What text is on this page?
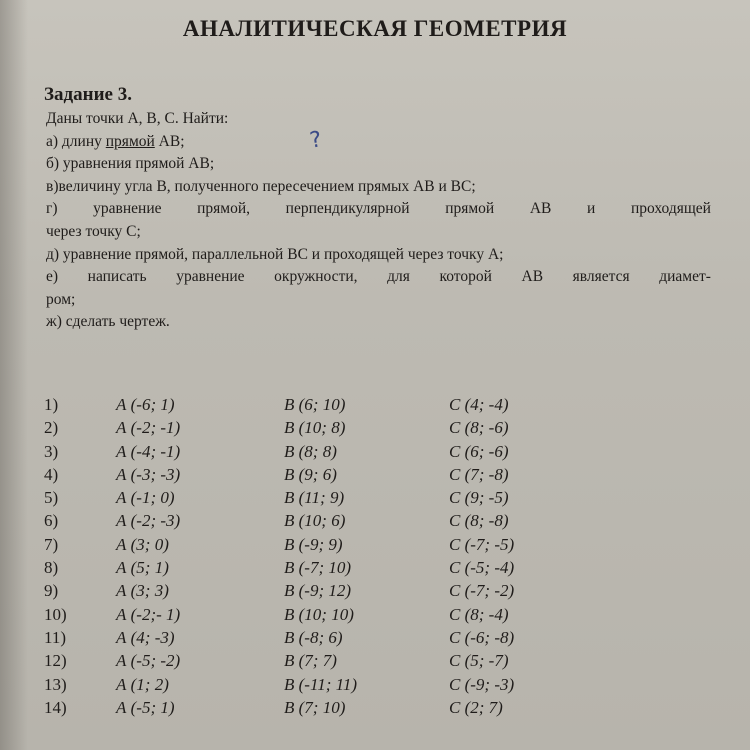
АНАЛИТИЧЕСКАЯ ГЕОМЕТРИЯ
Задание 3.
Даны точки А, В, С. Найти:
а) длину прямой АВ;
б) уравнения прямой АВ;
в)величину угла В, полученного пересечением прямых АВ и ВС;
г) уравнение прямой, перпендикулярной прямой АВ и проходящей
через точку С;
д) уравнение прямой, параллельной ВС и проходящей через точку А;
е) написать уравнение окружности, для которой АВ является диамет-
ром;
ж) сделать чертеж.
?
1)	А (-6; 1)	В (6; 10)	С (4; -4)
2)	А (-2; -1)	В (10; 8)	С (8; -6)
3)	А (-4; -1)	В (8; 8)	С (6; -6)
4)	А (-3; -3)	В (9; 6)	С (7; -8)
5)	А (-1; 0)	В (11; 9)	С (9; -5)
6)	А (-2; -3)	В (10; 6)	С (8; -8)
7)	А (3; 0)	В (-9; 9)	С (-7; -5)
8)	А (5; 1)	В (-7; 10)	С (-5; -4)
9)	А (3; 3)	В (-9; 12)	С (-7; -2)
10)	А (-2;- 1)	В (10; 10)	С (8; -4)
11)	А (4; -3)	В (-8; 6)	С (-6; -8)
12)	А (-5; -2)	В (7; 7)	С (5; -7)
13)	А (1; 2)	В (-11; 11)	С (-9; -3)
14)	А (-5; 1)	В (7; 10)	С (2; 7)
